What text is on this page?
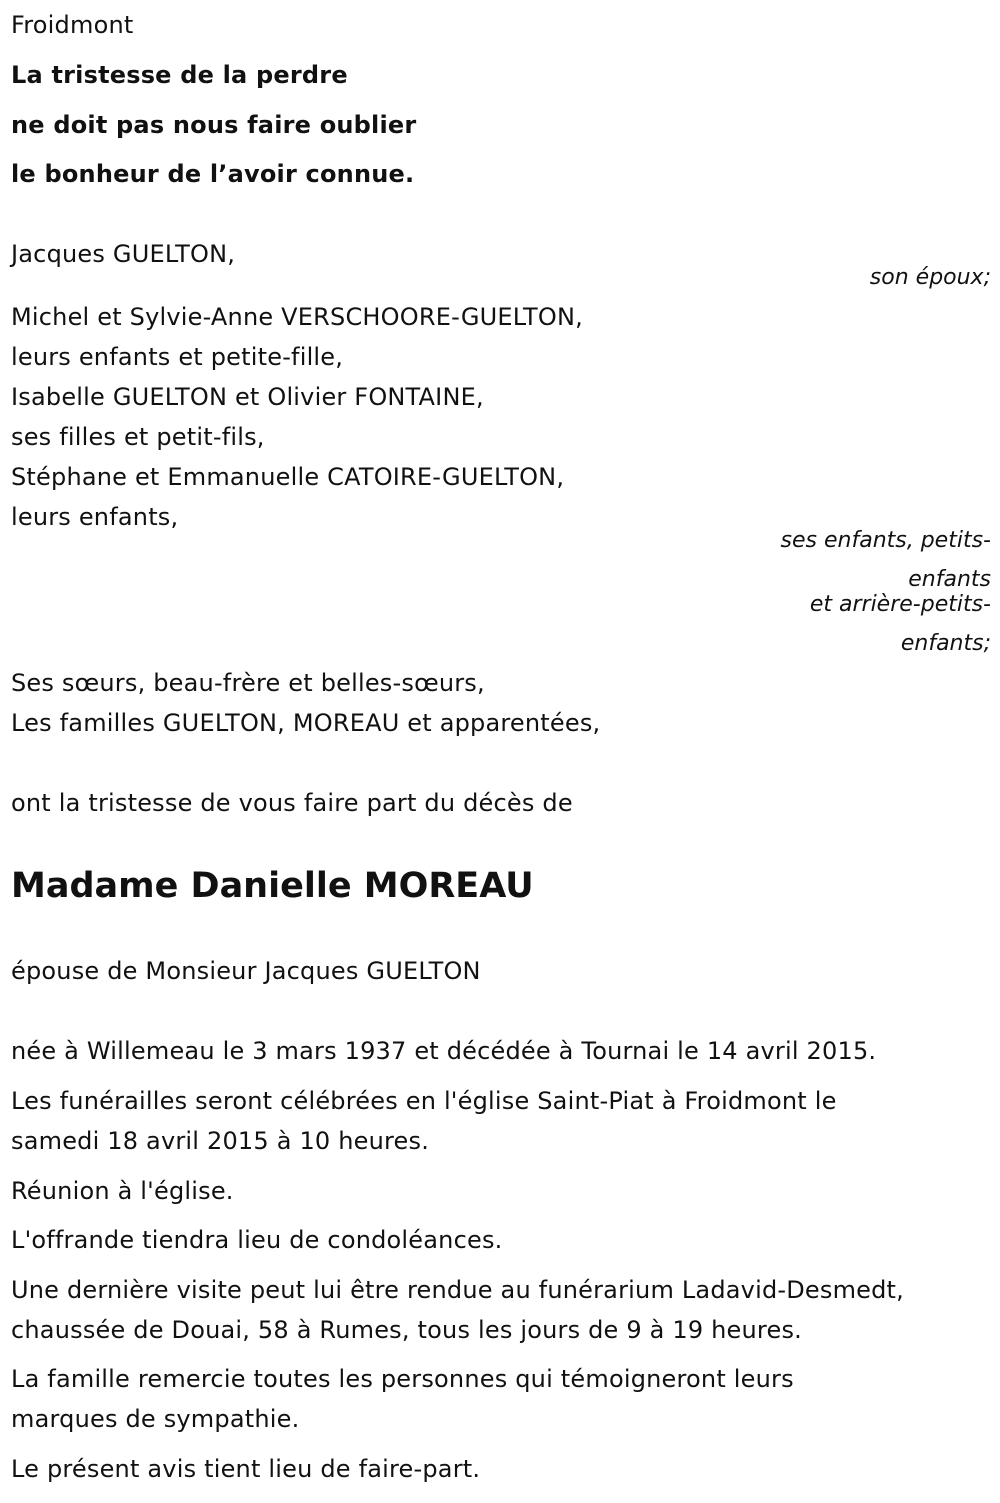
Froidmont
La tristesse de la perdre
ne doit pas nous faire oublier
le bonheur de l’avoir connue.
Jacques GUELTON,
son époux;
Michel et Sylvie-Anne VERSCHOORE-GUELTON,
leurs enfants et petite-fille,
Isabelle GUELTON et Olivier FONTAINE,
ses filles et petit-fils,
Stéphane et Emmanuelle CATOIRE-GUELTON,
leurs enfants,
ses enfants, petits-
enfants
et arrière-petits-
enfants;
Ses sœurs, beau-frère et belles-sœurs,
Les familles GUELTON, MOREAU et apparentées,
ont la tristesse de vous faire part du décès de
Madame Danielle MOREAU
épouse de Monsieur Jacques GUELTON
née à Willemeau le 3 mars 1937 et décédée à Tournai le 14 avril 2015.
Les funérailles seront célébrées en l'église Saint-Piat à Froidmont le
samedi 18 avril 2015 à 10 heures.
Réunion à l'église.
L'offrande tiendra lieu de condoléances.
Une dernière visite peut lui être rendue au funérarium Ladavid-Desmedt,
chaussée de Douai, 58 à Rumes, tous les jours de 9 à 19 heures.
La famille remercie toutes les personnes qui témoigneront leurs
marques de sympathie.
Le présent avis tient lieu de faire-part.
